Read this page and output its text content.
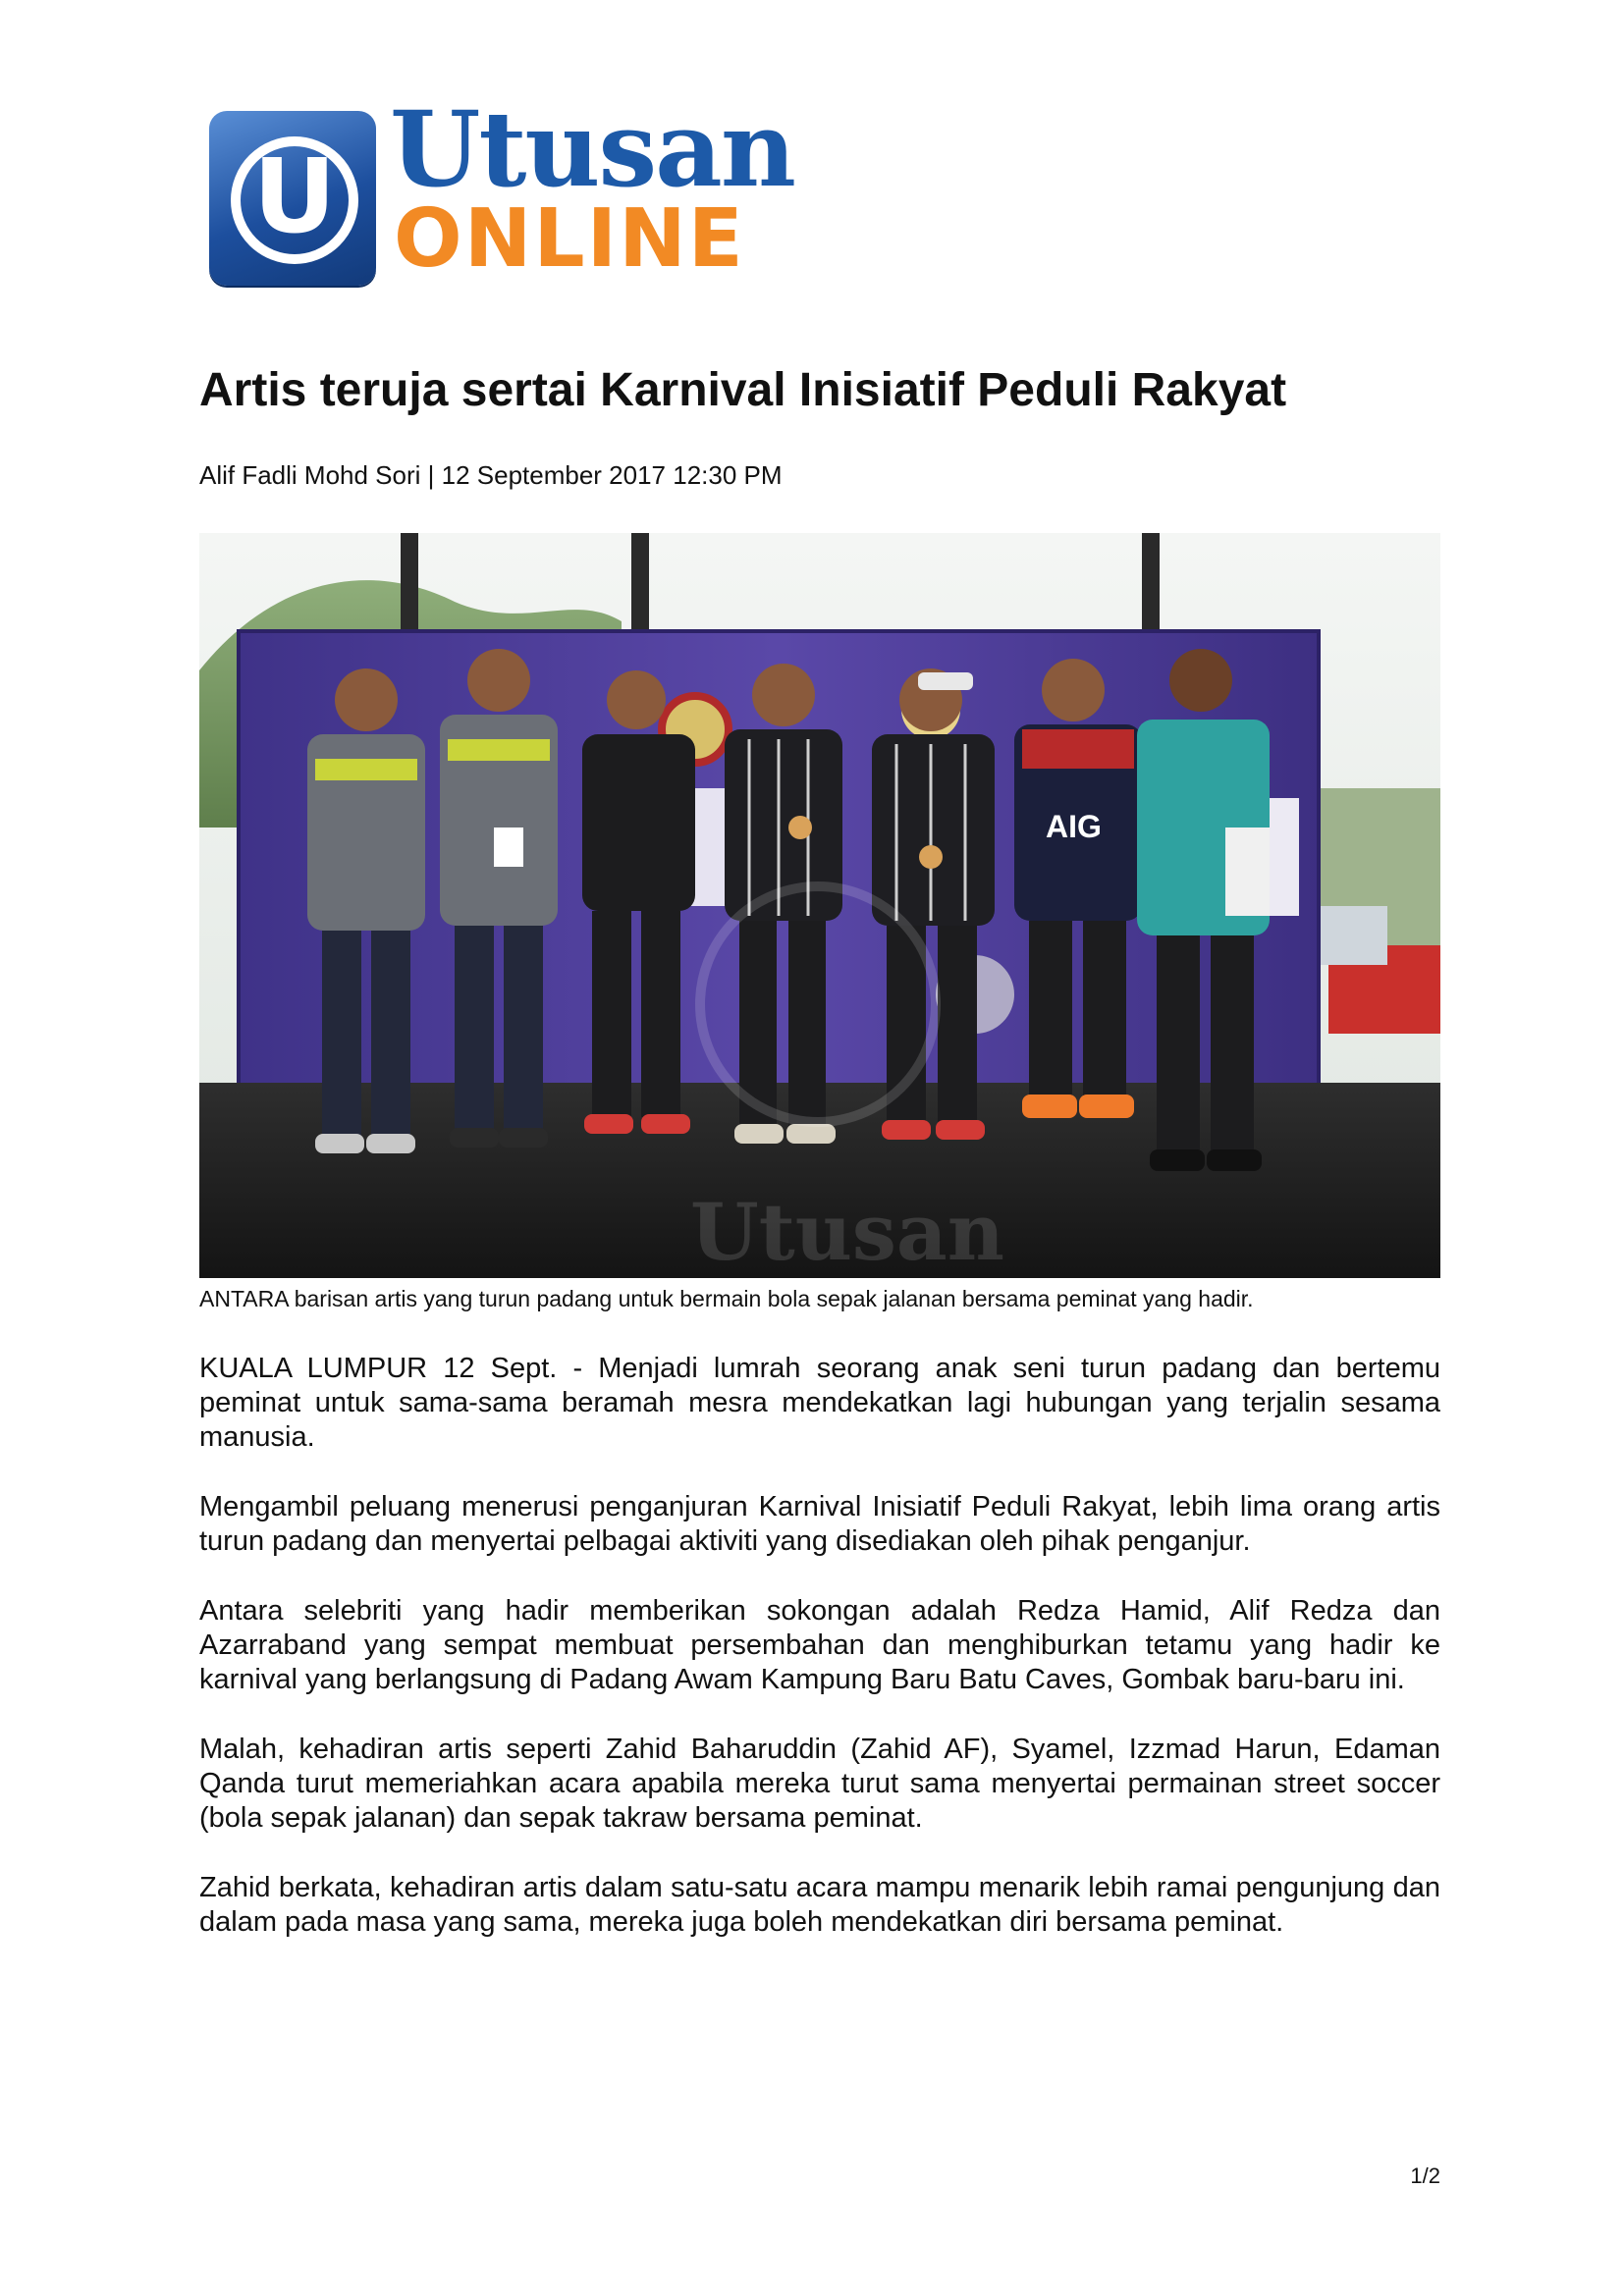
U Utusan
ONLINE
Artis teruja sertai Karnival Inisiatif Peduli Rakyat
Alif Fadli Mohd Sori | 12 September 2017 12:30 PM
AIG
Utusan
ANTARA barisan artis yang turun padang untuk bermain bola sepak jalanan bersama peminat yang hadir.

KUALA LUMPUR 12 Sept. - Menjadi lumrah seorang anak seni turun padang dan bertemu peminat untuk sama-sama beramah mesra mendekatkan lagi hubungan yang terjalin sesama manusia.

Mengambil peluang menerusi penganjuran Karnival Inisiatif Peduli Rakyat, lebih lima orang artis turun padang dan menyertai pelbagai aktiviti yang disediakan oleh pihak penganjur.

Antara selebriti yang hadir memberikan sokongan adalah Redza Hamid, Alif Redza dan Azarraband yang sempat membuat persembahan dan menghiburkan tetamu yang hadir ke karnival yang berlangsung di Padang Awam Kampung Baru Batu Caves, Gombak baru-baru ini.

Malah, kehadiran artis seperti Zahid Baharuddin (Zahid AF), Syamel, Izzmad Harun, Edaman Qanda turut memeriahkan acara apabila mereka turut sama menyertai permainan street soccer (bola sepak jalanan) dan sepak takraw bersama peminat.

Zahid berkata, kehadiran artis dalam satu-satu acara mampu menarik lebih ramai pengunjung dan dalam pada masa yang sama, mereka juga boleh mendekatkan diri bersama peminat.

1/2
